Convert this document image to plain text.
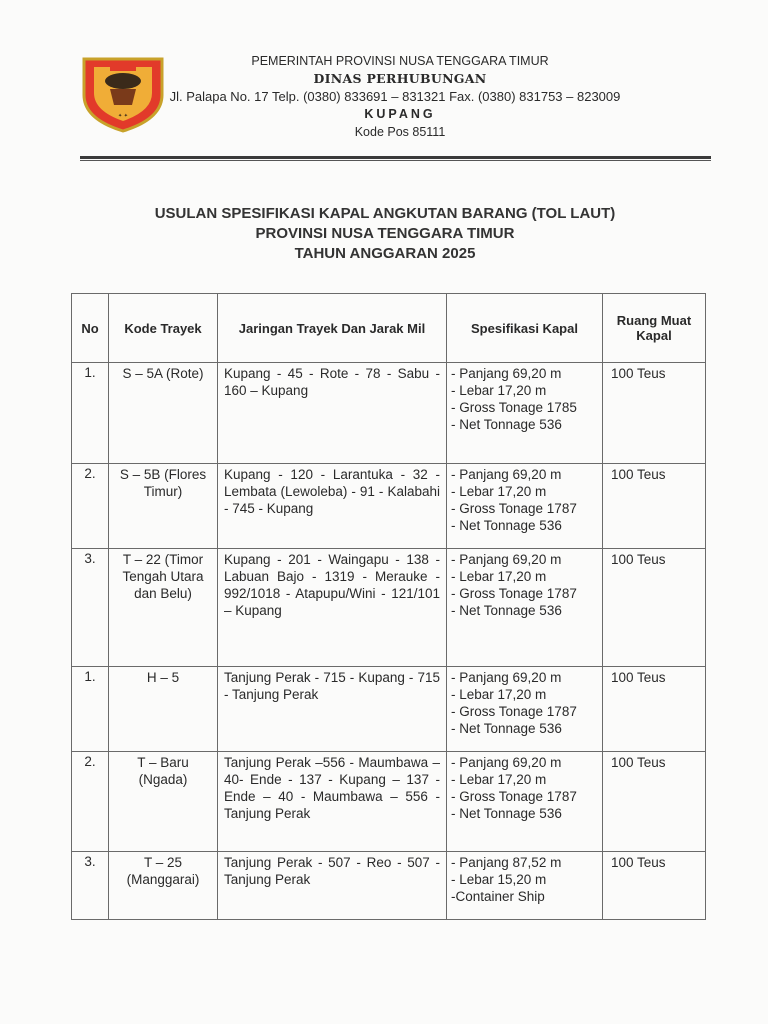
✦ ✦
PEMERINTAH PROVINSI NUSA TENGGARA TIMUR
DINAS PERHUBUNGAN
Jl. Palapa No. 17 Telp. (0380) 833691 – 831321 Fax. (0380) 831753 – 823009
KUPANG
Kode Pos 85111
USULAN SPESIFIKASI KAPAL ANGKUTAN BARANG (TOL LAUT)
PROVINSI NUSA TENGGARA TIMUR
TAHUN ANGGARAN 2025
No	Kode Trayek	Jaringan Trayek Dan Jarak Mil	Spesifikasi Kapal	Ruang Muat Kapal
1.	S – 5A (Rote)	Kupang - 45 - Rote - 78 - Sabu - 160 – Kupang	- Panjang 69,20 m
- Lebar 17,20 m
- Gross Tonage 1785
- Net Tonnage 536	100 Teus
2.	S – 5B (Flores Timur)	Kupang - 120 - Larantuka - 32 - Lembata (Lewoleba) - 91 - Kalabahi - 745 - Kupang	- Panjang 69,20 m
- Lebar 17,20 m
- Gross Tonage 1787
- Net Tonnage 536	100 Teus
3.	T – 22 (Timor Tengah Utara dan Belu)	Kupang - 201 - Waingapu - 138 - Labuan Bajo - 1319 - Merauke - 992/1018 - Atapupu/Wini - 121/101 – Kupang	- Panjang 69,20 m
- Lebar 17,20 m
- Gross Tonage 1787
- Net Tonnage 536	100 Teus
1.	H – 5	Tanjung Perak - 715 - Kupang - 715 - Tanjung Perak	- Panjang 69,20 m
- Lebar 17,20 m
- Gross Tonage 1787
- Net Tonnage 536	100 Teus
2.	T – Baru (Ngada)	Tanjung Perak –556 - Maumbawa –40- Ende - 137 - Kupang – 137 - Ende – 40 - Maumbawa – 556 - Tanjung Perak	- Panjang 69,20 m
- Lebar 17,20 m
- Gross Tonage 1787
- Net Tonnage 536	100 Teus
3.	T – 25 (Manggarai)	Tanjung Perak - 507 - Reo - 507 - Tanjung Perak	- Panjang 87,52 m
- Lebar 15,20 m
-Container Ship	100 Teus
